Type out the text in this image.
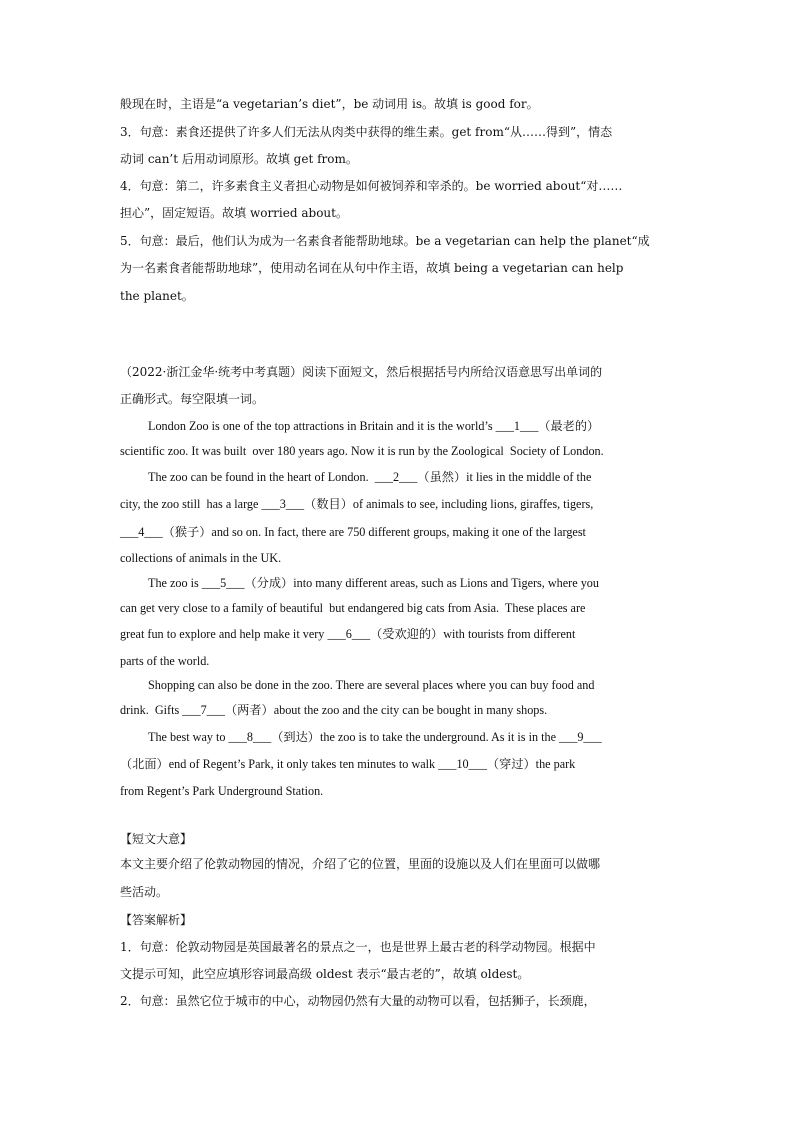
般现在时，主语是“a vegetarian’s diet”，be 动词用 is。故填 is good for。
3．句意：素食还提供了许多人们无法从肉类中获得的维生素。get from“从……得到”，情态
动词 can’t 后用动词原形。故填 get from。
4．句意：第二，许多素食主义者担心动物是如何被饲养和宰杀的。be worried about“对……
担心”，固定短语。故填 worried about。
5．句意：最后，他们认为成为一名素食者能帮助地球。be a vegetarian can help the planet“成
为一名素食者能帮助地球”，使用动名词在从句中作主语，故填 being a vegetarian can help
the planet。
（2022·浙江金华·统考中考真题）阅读下面短文，然后根据括号内所给汉语意思写出单词的
正确形式。每空限填一词。
London Zoo is one of the top attractions in Britain and it is the world’s ___1___（最老的）
scientific zoo. It was built  over 180 years ago. Now it is run by the Zoological  Society of London.
The zoo can be found in the heart of London.  ___2___（虽然）it lies in the middle of the
city, the zoo still  has a large ___3___（数目）of animals to see, including lions, giraffes, tigers,
___4___（猴子）and so on. In fact, there are 750 different groups, making it one of the largest
collections of animals in the UK.
The zoo is ___5___（分成）into many different areas, such as Lions and Tigers, where you
can get very close to a family of beautiful  but endangered big cats from Asia.  These places are
great fun to explore and help make it very ___6___（受欢迎的）with tourists from different
parts of the world.
Shopping can also be done in the zoo. There are several places where you can buy food and
drink.  Gifts ___7___（两者）about the zoo and the city can be bought in many shops.
The best way to ___8___（到达）the zoo is to take the underground. As it is in the ___9___
（北面）end of Regent’s Park, it only takes ten minutes to walk ___10___（穿过）the park
from Regent’s Park Underground Station.
【短文大意】
本文主要介绍了伦敦动物园的情况，介绍了它的位置，里面的设施以及人们在里面可以做哪
些活动。
【答案解析】
1．句意：伦敦动物园是英国最著名的景点之一，也是世界上最古老的科学动物园。根据中
文提示可知，此空应填形容词最高级 oldest 表示“最古老的”，故填 oldest。
2．句意：虽然它位于城市的中心，动物园仍然有大量的动物可以看，包括狮子，长颈鹿，
